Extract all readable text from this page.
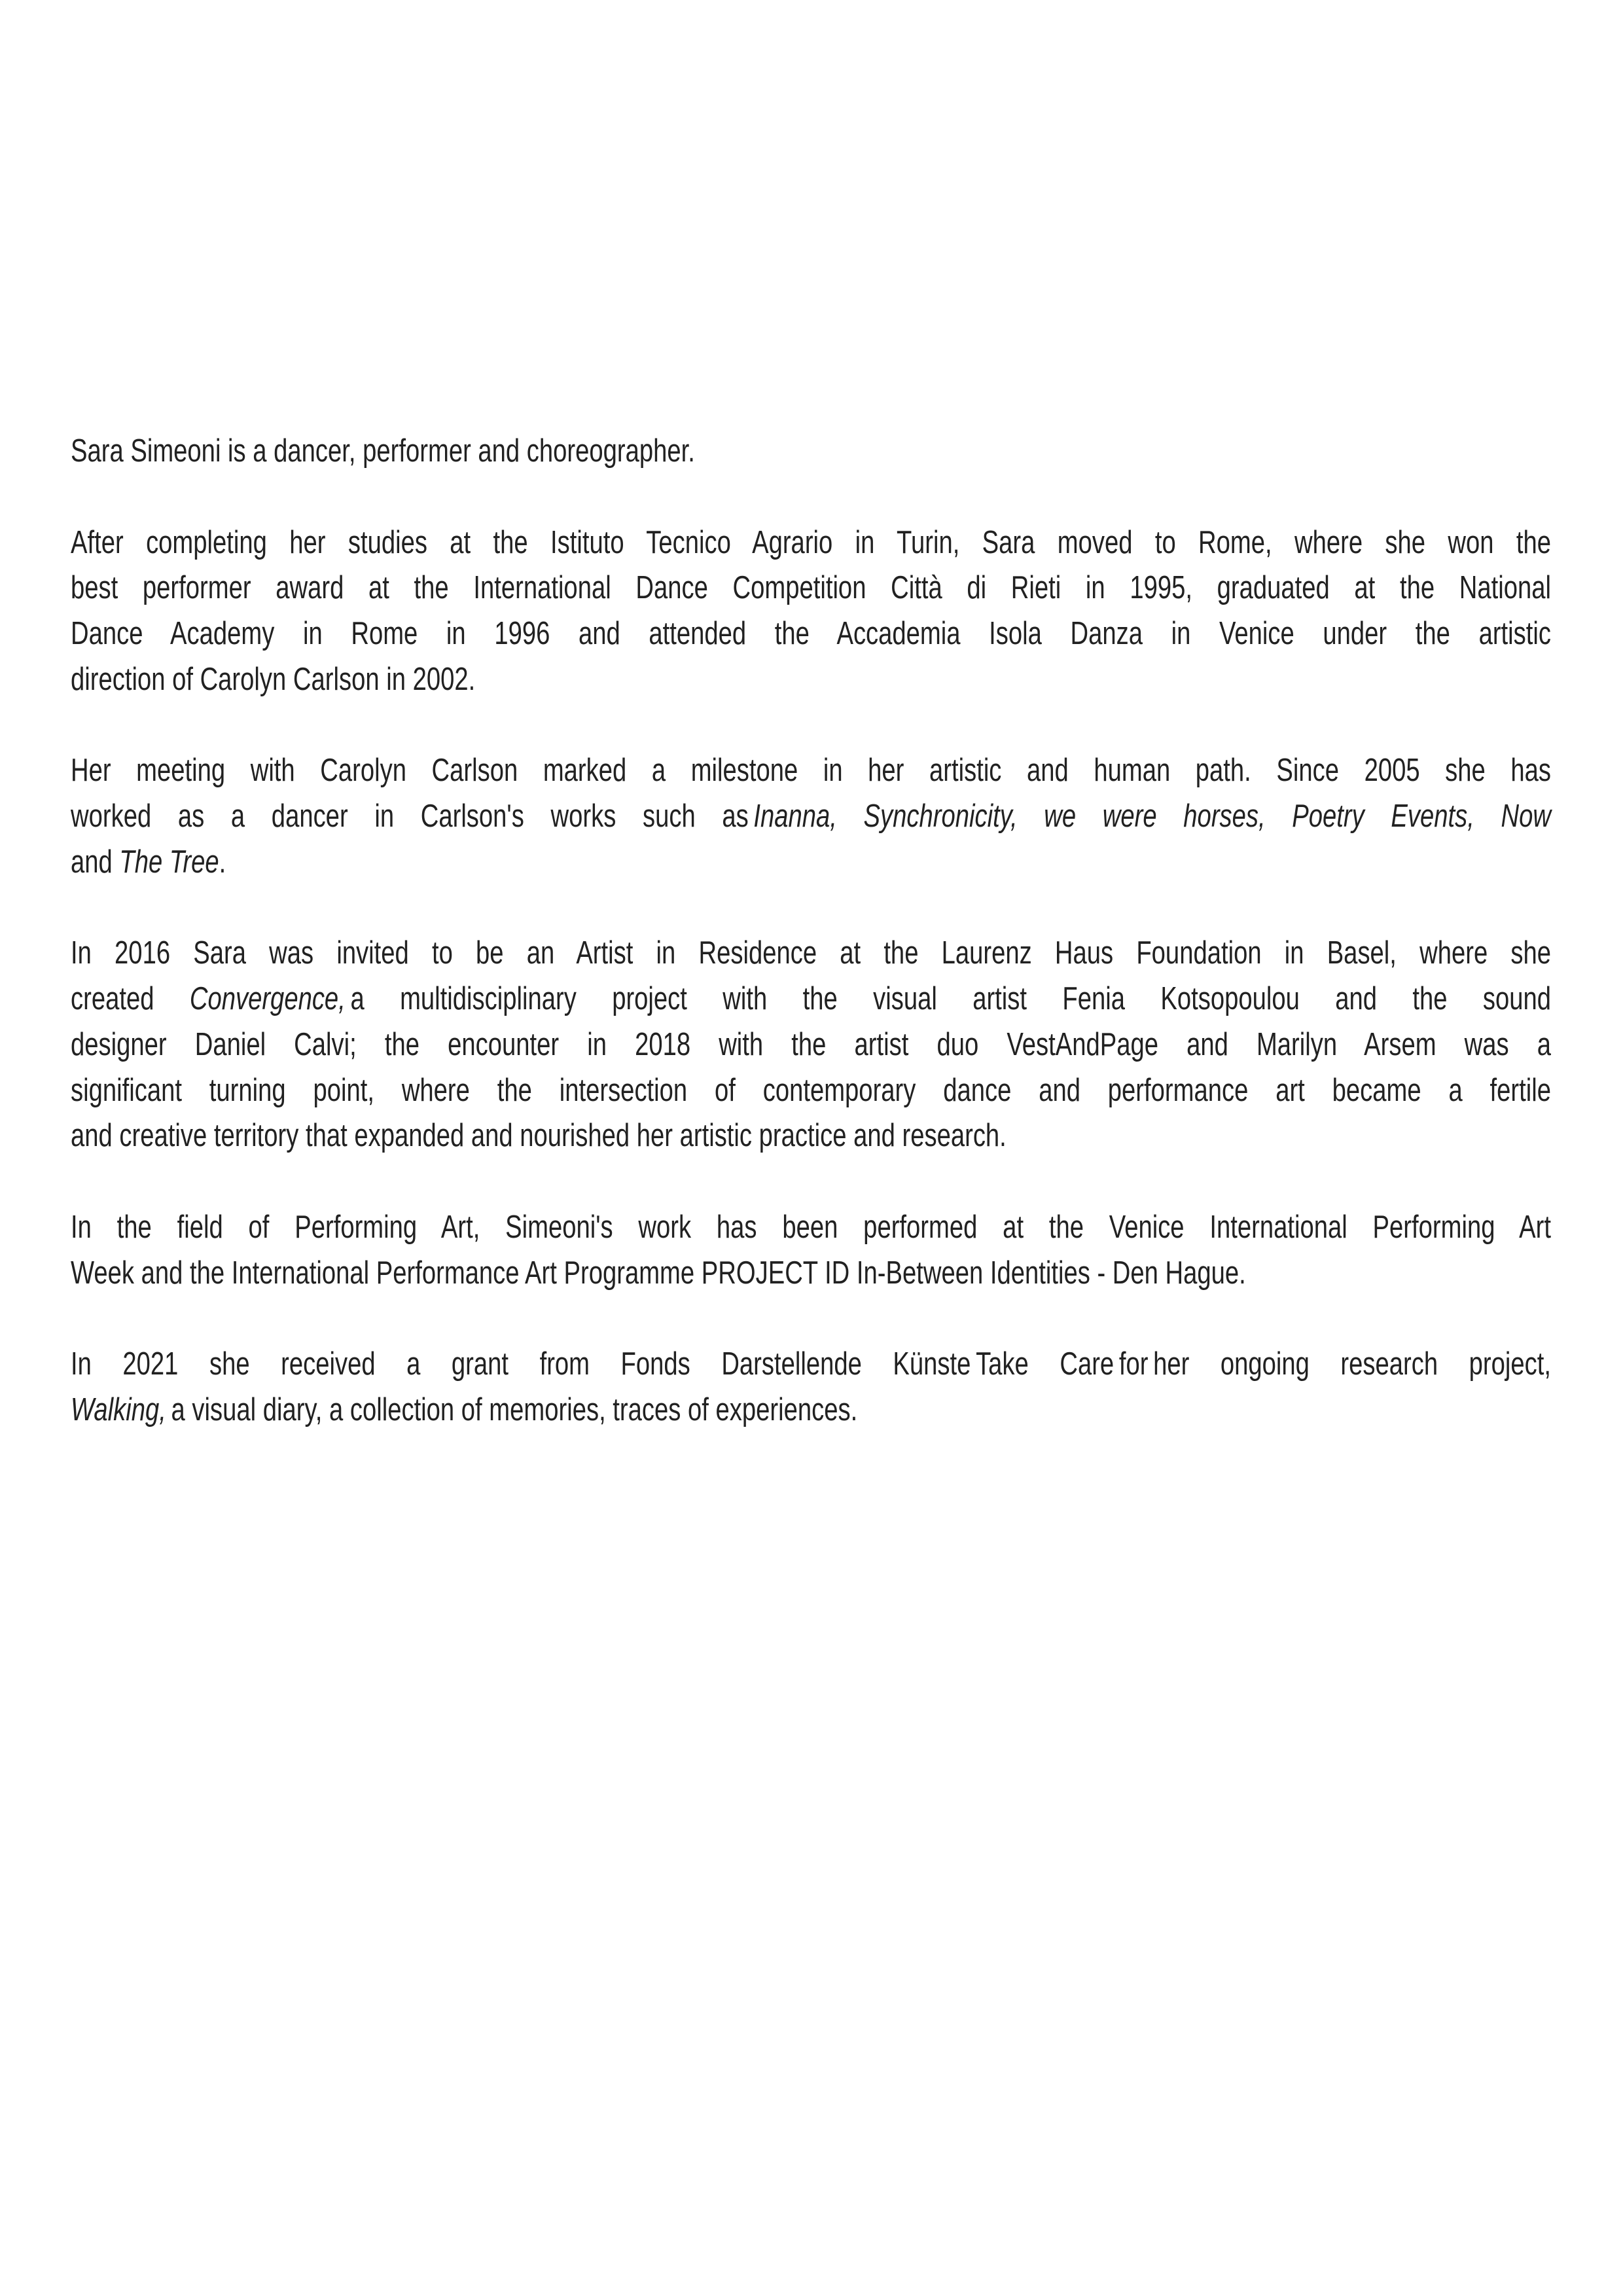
Sara Simeoni is a dancer, performer and choreographer.

After completing her studies at the Istituto Tecnico Agrario in Turin, Sara moved to Rome, where she won the
best performer award at the International Dance Competition Città di Rieti in 1995, graduated at the National
Dance Academy in Rome in 1996 and attended the Accademia Isola Danza in Venice under the artistic
direction of Carolyn Carlson in 2002.

Her meeting with Carolyn Carlson marked a milestone in her artistic and human path. Since 2005 she has
worked as a dancer in Carlson's works such as Inanna, Synchronicity, we were horses, Poetry Events, Now
and The Tree.

In 2016 Sara was invited to be an Artist in Residence at the Laurenz Haus Foundation in Basel, where she
created Convergence, a multidisciplinary project with the visual artist Fenia Kotsopoulou and the sound
designer Daniel Calvi; the encounter in 2018 with the artist duo VestAndPage and Marilyn Arsem was a
significant turning point, where the intersection of contemporary dance and performance art became a fertile
and creative territory that expanded and nourished her artistic practice and research.

In the field of Performing Art, Simeoni's work has been performed at the Venice International Performing Art
Week and the International Performance Art Programme PROJECT ID In-Between Identities - Den Hague.

In 2021 she received a grant from Fonds Darstellende Künste Take Care for her ongoing research project,
Walking, a visual diary, a collection of memories, traces of experiences.
